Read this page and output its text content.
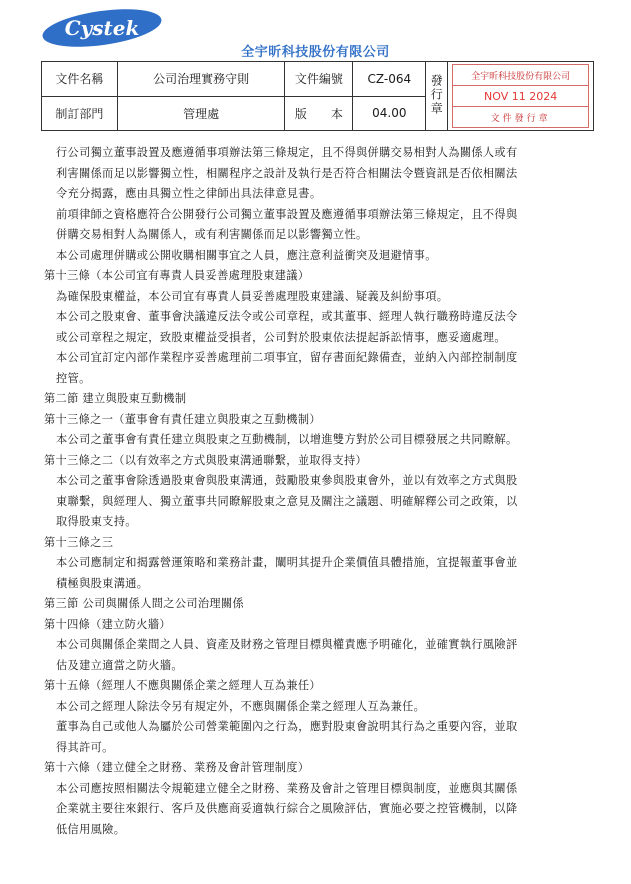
Cystek
全宇昕科技股份有限公司
文件名稱	公司治理實務守則	文件編號	CZ-064	發行章	全宇昕科技股份有限公司
NOV 11 2024
文件發行章

制訂部門	管理處	版　　本	04.00		

行公司獨立董事設置及應遵循事項辦法第三條規定，且不得與併購交易相對人為關係人或有

利害關係而足以影響獨立性，相關程序之設計及執行是否符合相關法令暨資訊是否依相關法

令充分揭露，應由具獨立性之律師出具法律意見書。

前項律師之資格應符合公開發行公司獨立董事設置及應遵循事項辦法第三條規定，且不得與

併購交易相對人為關係人，或有利害關係而足以影響獨立性。

本公司處理併購或公開收購相關事宜之人員，應注意利益衝突及迴避情事。

第十三條（本公司宜有專責人員妥善處理股東建議）

為確保股東權益，本公司宜有專責人員妥善處理股東建議、疑義及糾紛事項。

本公司之股東會、董事會決議違反法令或公司章程，或其董事、經理人執行職務時違反法令

或公司章程之規定，致股東權益受損者，公司對於股東依法提起訴訟情事，應妥適處理。

本公司宜訂定內部作業程序妥善處理前二項事宜，留存書面紀錄備查，並納入內部控制制度

控管。

第二節 建立與股東互動機制

第十三條之一（董事會有責任建立與股東之互動機制）

本公司之董事會有責任建立與股東之互動機制，以增進雙方對於公司目標發展之共同瞭解。

第十三條之二（以有效率之方式與股東溝通聯繫，並取得支持）

本公司之董事會除透過股東會與股東溝通，鼓勵股東參與股東會外，並以有效率之方式與股

東聯繫，與經理人、獨立董事共同瞭解股東之意見及關注之議題、明確解釋公司之政策，以

取得股東支持。

第十三條之三

本公司應制定和揭露營運策略和業務計畫，闡明其提升企業價值具體措施，宜提報董事會並

積極與股東溝通。

第三節 公司與關係人間之公司治理關係

第十四條（建立防火牆）

本公司與關係企業間之人員、資產及財務之管理目標與權責應予明確化，並確實執行風險評

估及建立適當之防火牆。

第十五條（經理人不應與關係企業之經理人互為兼任）

本公司之經理人除法令另有規定外，不應與關係企業之經理人互為兼任。

董事為自己或他人為屬於公司營業範圍內之行為，應對股東會說明其行為之重要內容，並取

得其許可。

第十六條（建立健全之財務、業務及會計管理制度）

本公司應按照相關法令規範建立健全之財務、業務及會計之管理目標與制度，並應與其關係

企業就主要往來銀行、客戶及供應商妥適執行綜合之風險評估，實施必要之控管機制，以降

低信用風險。
